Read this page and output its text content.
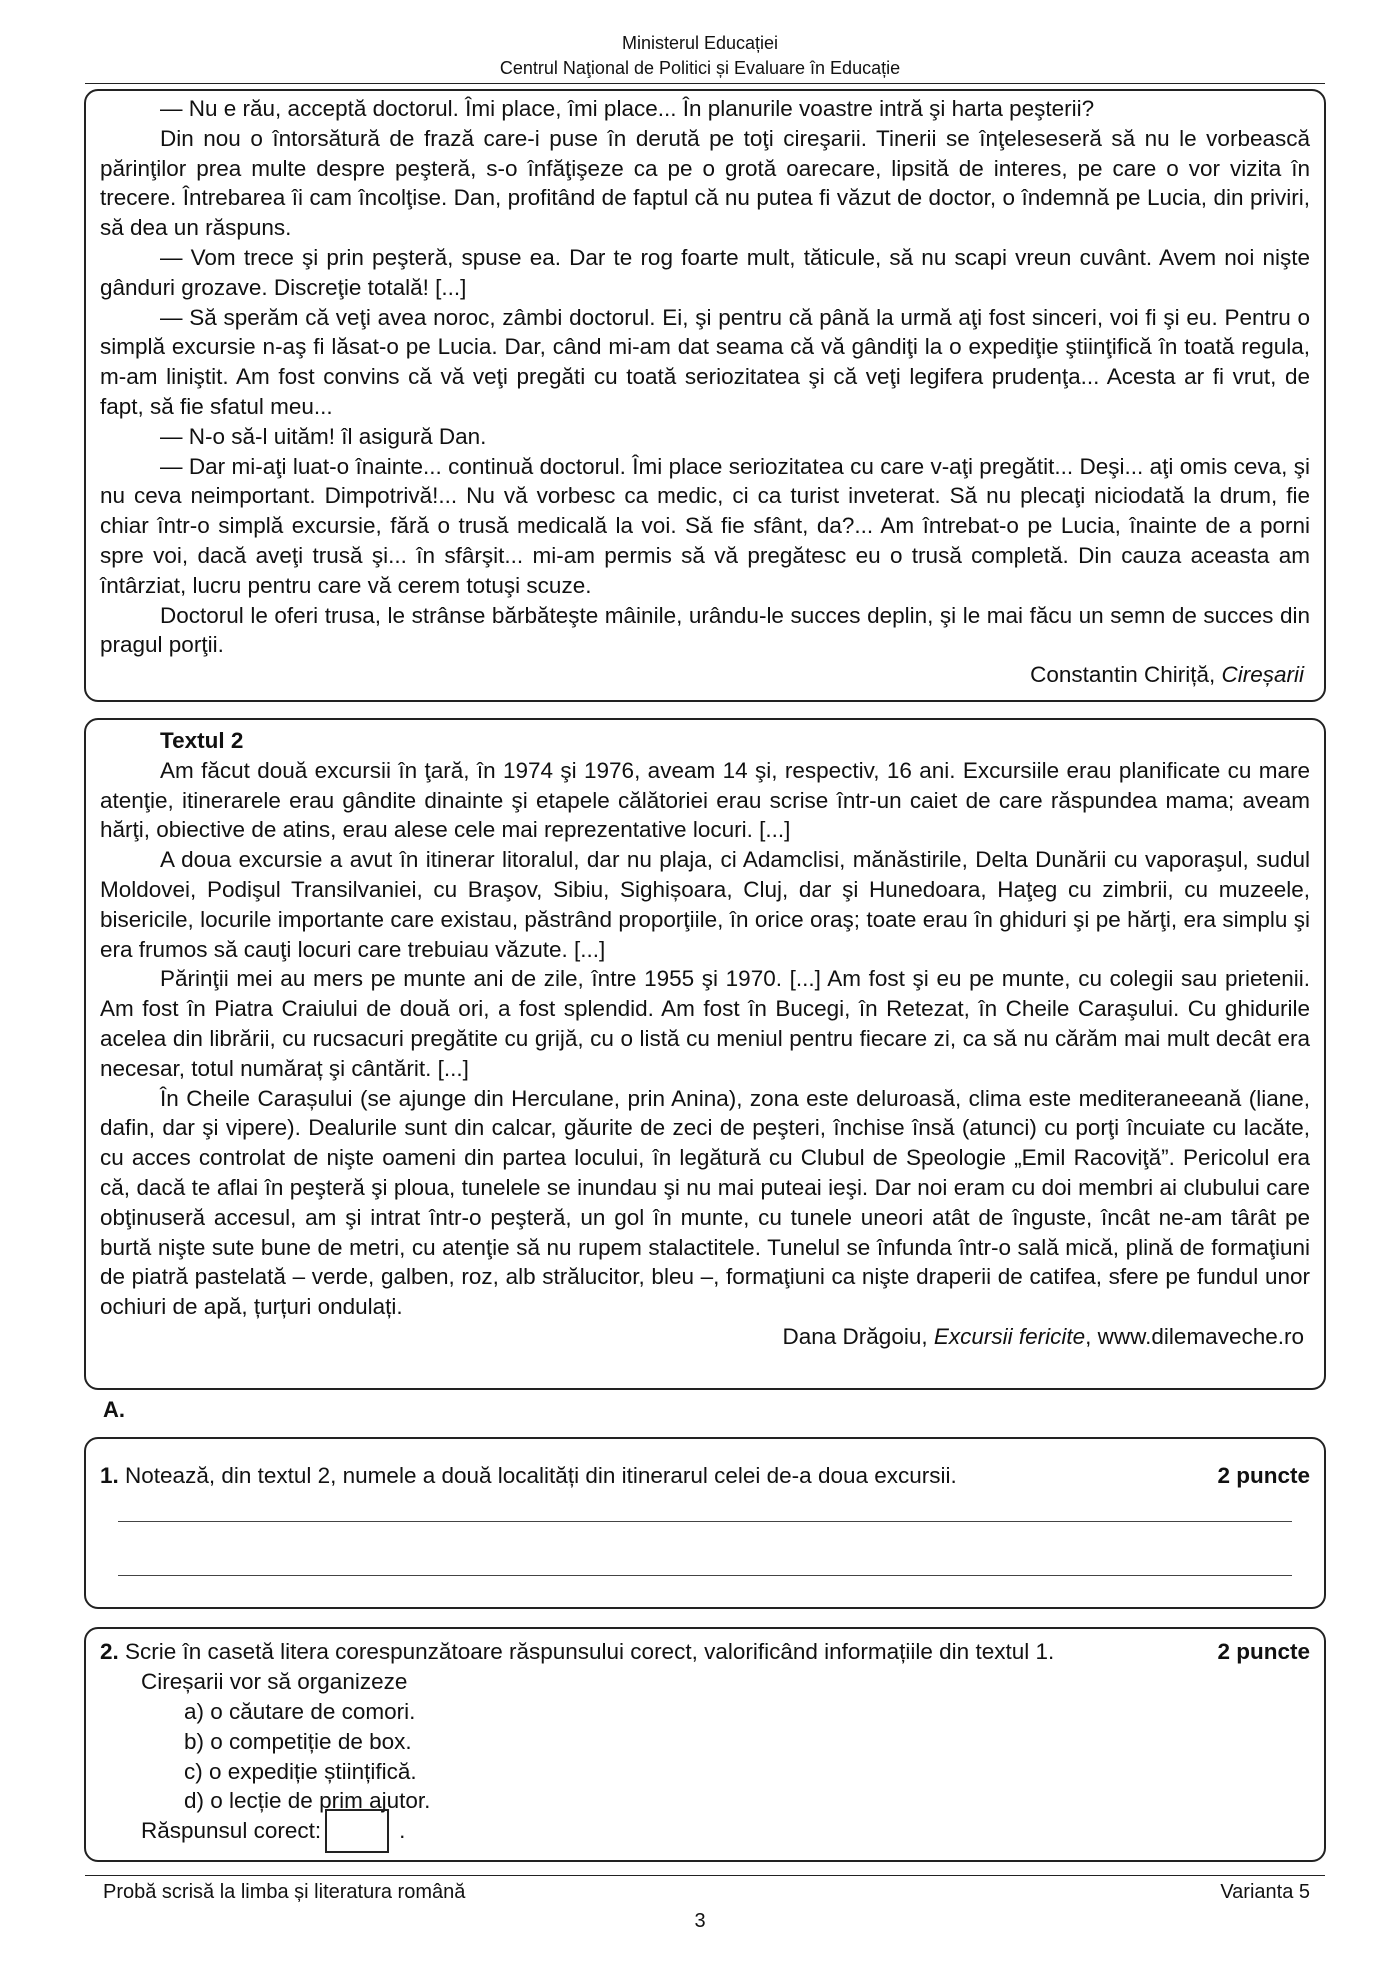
Ministerul Educației
Centrul Naţional de Politici și Evaluare în Educație

— Nu e rău, acceptă doctorul. Îmi place, îmi place... În planurile voastre intră şi harta peşterii?

Din nou o întorsătură de frază care-i puse în derută pe toţi cireşarii. Tinerii se înţeleseseră să nu le vorbească părinţilor prea multe despre peşteră, s-o înfăţişeze ca pe o grotă oarecare, lipsită de interes, pe care o vor vizita în trecere. Întrebarea îi cam încolţise. Dan, profitând de faptul că nu putea fi văzut de doctor, o îndemnă pe Lucia, din priviri, să dea un răspuns.

— Vom trece şi prin peşteră, spuse ea. Dar te rog foarte mult, tăticule, să nu scapi vreun cuvânt. Avem noi nişte gânduri grozave. Discreţie totală! [...]

— Să sperăm că veţi avea noroc, zâmbi doctorul. Ei, şi pentru că până la urmă aţi fost sinceri, voi fi şi eu. Pentru o simplă excursie n-aş fi lăsat-o pe Lucia. Dar, când mi-am dat seama că vă gândiţi la o expediţie ştiinţifică în toată regula, m-am liniştit. Am fost convins că vă veţi pregăti cu toată seriozitatea şi că veţi legifera prudenţa... Acesta ar fi vrut, de fapt, să fie sfatul meu...

— N-o să-l uităm! îl asigură Dan.

— Dar mi-aţi luat-o înainte... continuă doctorul. Îmi place seriozitatea cu care v-aţi pregătit... Deşi... aţi omis ceva, şi nu ceva neimportant. Dimpotrivă!... Nu vă vorbesc ca medic, ci ca turist inveterat. Să nu plecaţi niciodată la drum, fie chiar într-o simplă excursie, fără o trusă medicală la voi. Să fie sfânt, da?... Am întrebat-o pe Lucia, înainte de a porni spre voi, dacă aveţi trusă şi... în sfârşit... mi-am permis să vă pregătesc eu o trusă completă. Din cauza aceasta am întârziat, lucru pentru care vă cerem totuşi scuze.

Doctorul le oferi trusa, le strânse bărbăteşte mâinile, urându-le succes deplin, şi le mai făcu un semn de succes din pragul porţii.

Constantin Chiriță, Cireșarii
Textul 2

Am făcut două excursii în ţară, în 1974 şi 1976, aveam 14 şi, respectiv, 16 ani. Excursiile erau planificate cu mare atenţie, itinerarele erau gândite dinainte şi etapele călătoriei erau scrise într-un caiet de care răspundea mama; aveam hărţi, obiective de atins, erau alese cele mai reprezentative locuri. [...]

A doua excursie a avut în itinerar litoralul, dar nu plaja, ci Adamclisi, mănăstirile, Delta Dunării cu vaporaşul, sudul Moldovei, Podişul Transilvaniei, cu Braşov, Sibiu, Sighișoara, Cluj, dar şi Hunedoara, Haţeg cu zimbrii, cu muzeele, bisericile, locurile importante care existau, păstrând proporţiile, în orice oraş; toate erau în ghiduri şi pe hărţi, era simplu şi era frumos să cauţi locuri care trebuiau văzute. [...]

Părinţii mei au mers pe munte ani de zile, între 1955 şi 1970. [...] Am fost şi eu pe munte, cu colegii sau prietenii. Am fost în Piatra Craiului de două ori, a fost splendid. Am fost în Bucegi, în Retezat, în Cheile Caraşului. Cu ghidurile acelea din librării, cu rucsacuri pregătite cu grijă, cu o listă cu meniul pentru fiecare zi, ca să nu cărăm mai mult decât era necesar, totul număraț şi cântărit. [...]

În Cheile Carașului (se ajunge din Herculane, prin Anina), zona este deluroasă, clima este mediteraneeană (liane, dafin, dar şi vipere). Dealurile sunt din calcar, găurite de zeci de peşteri, închise însă (atunci) cu porţi încuiate cu lacăte, cu acces controlat de nişte oameni din partea locului, în legătură cu Clubul de Speologie „Emil Racoviţă”. Pericolul era că, dacă te aflai în peşteră şi ploua, tunelele se inundau şi nu mai puteai ieşi. Dar noi eram cu doi membri ai clubului care obţinuseră accesul, am şi intrat într-o peşteră, un gol în munte, cu tunele uneori atât de înguste, încât ne-am târât pe burtă nişte sute bune de metri, cu atenţie să nu rupem stalactitele. Tunelul se înfunda într-o sală mică, plină de formaţiuni de piatră pastelată – verde, galben, roz, alb strălucitor, bleu –, formaţiuni ca nişte draperii de catifea, sfere pe fundul unor ochiuri de apă, țurțuri ondulați.

Dana Drăgoiu, Excursii fericite, www.dilemaveche.ro
A.
1. Notează, din textul 2, numele a două localități din itinerarul celei de-a doua excursii.	2 puncte
2. Scrie în casetă litera corespunzătoare răspunsului corect, valorificând informațiile din textul 1.	2 puncte
Cireșarii vor să organizeze
a) o căutare de comori.
b) o competiție de box.
c) o expediție științifică.
d) o lecție de prim ajutor.
Răspunsul corect:	.
Probă scrisă la limba și literatura română	Varianta 5
3
